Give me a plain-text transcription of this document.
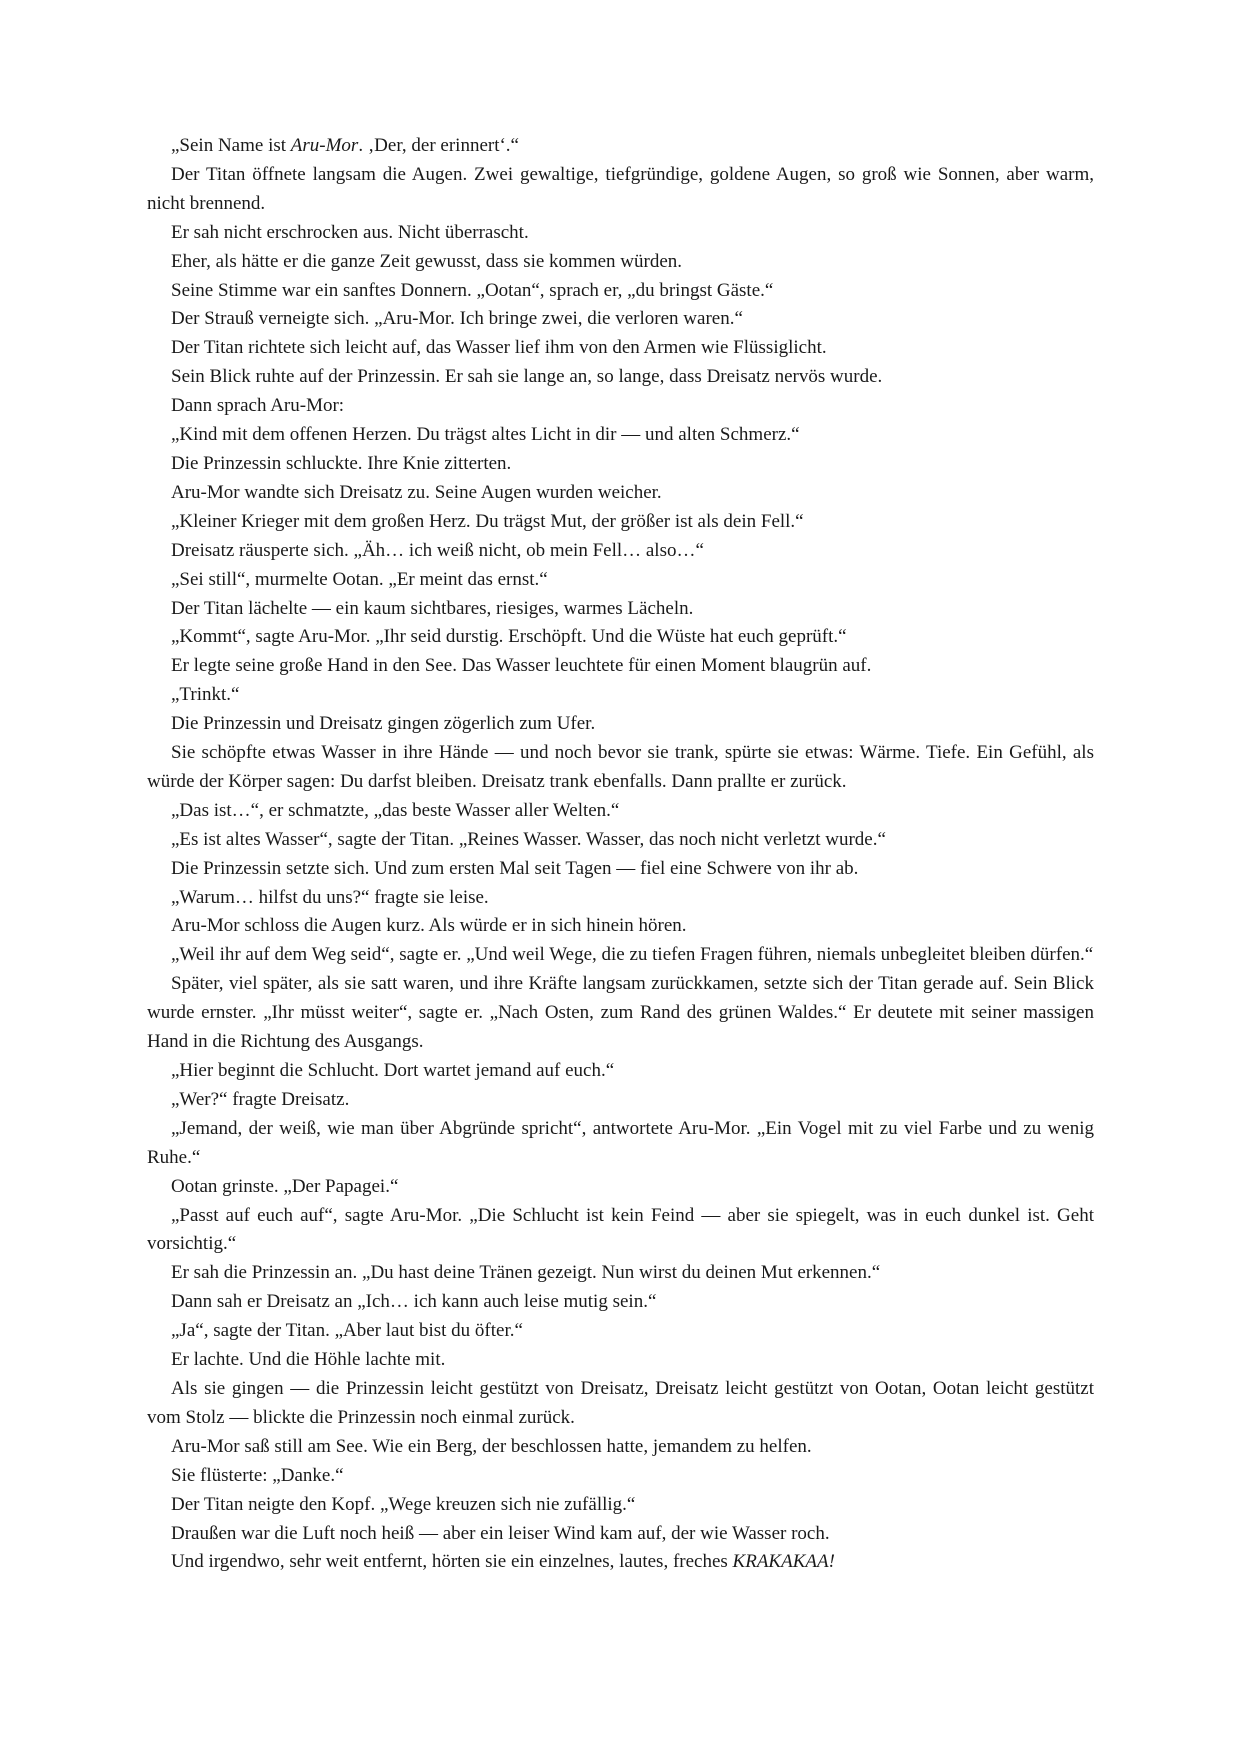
„Sein Name ist Aru-Mor. ‚Der, der erinnert‘.“

Der Titan öffnete langsam die Augen. Zwei gewaltige, tiefgründige, goldene Augen, so groß wie Sonnen, aber warm, nicht brennend.

Er sah nicht erschrocken aus. Nicht überrascht.

Eher, als hätte er die ganze Zeit gewusst, dass sie kommen würden.

Seine Stimme war ein sanftes Donnern. „Ootan“, sprach er, „du bringst Gäste.“

Der Strauß verneigte sich. „Aru-Mor. Ich bringe zwei, die verloren waren.“

Der Titan richtete sich leicht auf, das Wasser lief ihm von den Armen wie Flüssiglicht.

Sein Blick ruhte auf der Prinzessin. Er sah sie lange an, so lange, dass Dreisatz nervös wurde.

Dann sprach Aru-Mor:

„Kind mit dem offenen Herzen. Du trägst altes Licht in dir — und alten Schmerz.“

Die Prinzessin schluckte. Ihre Knie zitterten.

Aru-Mor wandte sich Dreisatz zu. Seine Augen wurden weicher.

„Kleiner Krieger mit dem großen Herz. Du trägst Mut, der größer ist als dein Fell.“

Dreisatz räusperte sich. „Äh… ich weiß nicht, ob mein Fell… also…“

„Sei still“, murmelte Ootan. „Er meint das ernst.“

Der Titan lächelte — ein kaum sichtbares, riesiges, warmes Lächeln.

„Kommt“, sagte Aru-Mor. „Ihr seid durstig. Erschöpft. Und die Wüste hat euch geprüft.“

Er legte seine große Hand in den See. Das Wasser leuchtete für einen Moment blaugrün auf.

„Trinkt.“

Die Prinzessin und Dreisatz gingen zögerlich zum Ufer.

Sie schöpfte etwas Wasser in ihre Hände — und noch bevor sie trank, spürte sie etwas: Wärme. Tiefe. Ein Gefühl, als würde der Körper sagen: Du darfst bleiben. Dreisatz trank ebenfalls. Dann prallte er zurück.

„Das ist…“, er schmatzte, „das beste Wasser aller Welten.“

„Es ist altes Wasser“, sagte der Titan. „Reines Wasser. Wasser, das noch nicht verletzt wurde.“

Die Prinzessin setzte sich. Und zum ersten Mal seit Tagen — fiel eine Schwere von ihr ab.

„Warum… hilfst du uns?“ fragte sie leise.

Aru-Mor schloss die Augen kurz. Als würde er in sich hinein hören.

„Weil ihr auf dem Weg seid“, sagte er. „Und weil Wege, die zu tiefen Fragen führen, niemals unbegleitet bleiben dürfen.“

Später, viel später, als sie satt waren, und ihre Kräfte langsam zurückkamen, setzte sich der Titan gerade auf. Sein Blick wurde ernster. „Ihr müsst weiter“, sagte er. „Nach Osten, zum Rand des grünen Waldes.“ Er deutete mit seiner massigen Hand in die Richtung des Ausgangs.

„Hier beginnt die Schlucht. Dort wartet jemand auf euch.“

„Wer?“ fragte Dreisatz.

„Jemand, der weiß, wie man über Abgründe spricht“, antwortete Aru-Mor. „Ein Vogel mit zu viel Farbe und zu wenig Ruhe.“

Ootan grinste. „Der Papagei.“

„Passt auf euch auf“, sagte Aru-Mor. „Die Schlucht ist kein Feind — aber sie spiegelt, was in euch dunkel ist. Geht vorsichtig.“

Er sah die Prinzessin an. „Du hast deine Tränen gezeigt. Nun wirst du deinen Mut erkennen.“

Dann sah er Dreisatz an „Ich… ich kann auch leise mutig sein.“

„Ja“, sagte der Titan. „Aber laut bist du öfter.“

Er lachte. Und die Höhle lachte mit.

Als sie gingen — die Prinzessin leicht gestützt von Dreisatz, Dreisatz leicht gestützt von Ootan, Ootan leicht gestützt vom Stolz — blickte die Prinzessin noch einmal zurück.

Aru-Mor saß still am See. Wie ein Berg, der beschlossen hatte, jemandem zu helfen.

Sie flüsterte: „Danke.“

Der Titan neigte den Kopf. „Wege kreuzen sich nie zufällig.“

Draußen war die Luft noch heiß — aber ein leiser Wind kam auf, der wie Wasser roch.

Und irgendwo, sehr weit entfernt, hörten sie ein einzelnes, lautes, freches KRAKAKAA!
